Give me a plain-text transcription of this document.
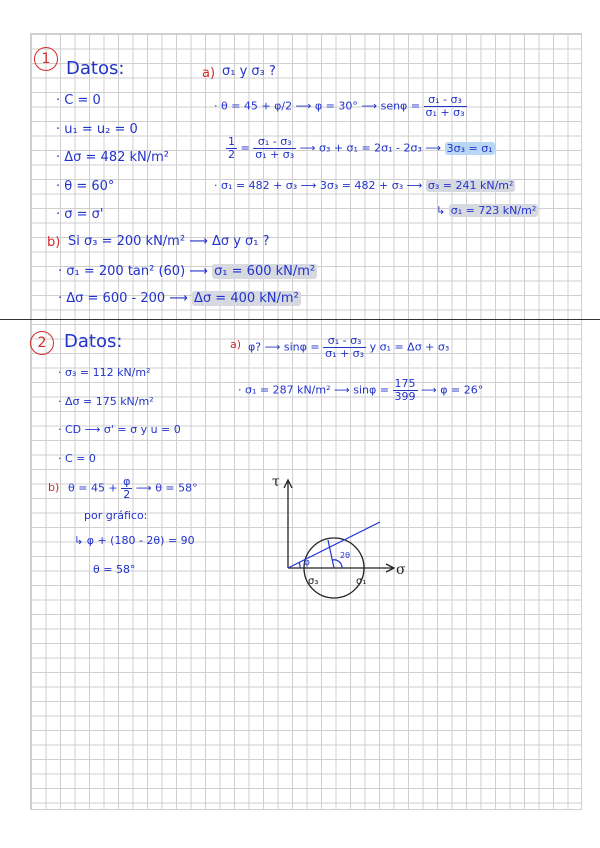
1 Datos:
· C = 0
· u₁ = u₂ = 0
· Δσ = 482 kN/m²
· θ = 60°
· σ = σ'
a) σ₁ y σ₃ ?
· θ = 45 + φ/2 ⟶ φ = 30° ⟶ $sen\varphi = \frac{\text{σ₁ - σ₃}}{\text{σ₁ + σ₃}}$
$\frac{1}{2} = \frac{\text{σ₁ - σ₃}}{\text{σ₁ + σ₃}}$ ⟶ σ₃ + σ₁ = 2σ₁ - 2σ₃ ⟶ 3σ₃ = σ₁
· σ₁ = 482 + σ₃ ⟶ 3σ₃ = 482 + σ₃ ⟶ σ₃ = 241 kN/m²
↳ σ₁ = 723 kN/m²
b) Si σ₃ = 200 kN/m² ⟶ Δσ y σ₁ ?
· σ₁ = 200 tan² (60) ⟶ σ₁ = 600 kN/m²
· Δσ = 600 - 200 ⟶ Δσ = 400 kN/m²
2 Datos:
· σ₃ = 112 kN/m²
· Δσ = 175 kN/m²
· CD ⟶ σ' = σ y u = 0
· C = 0
a) φ? ⟶ $\sin\varphi = \frac{\text{σ₁ - σ₃}}{\text{σ₁ + σ₃}}$ y σ₁ = Δσ + σ₃
· σ₁ = 287 kN/m² ⟶ $\sin\varphi = \frac{175}{399}$ ⟶ φ = 26°
b) $\theta = 45 + \frac{\varphi}{2}$ ⟶ θ = 58°
por gráfico:
↳ φ + (180 - 2θ) = 90
θ = 58°
τ
σ
σ₃	σ₁
φ
2θ
